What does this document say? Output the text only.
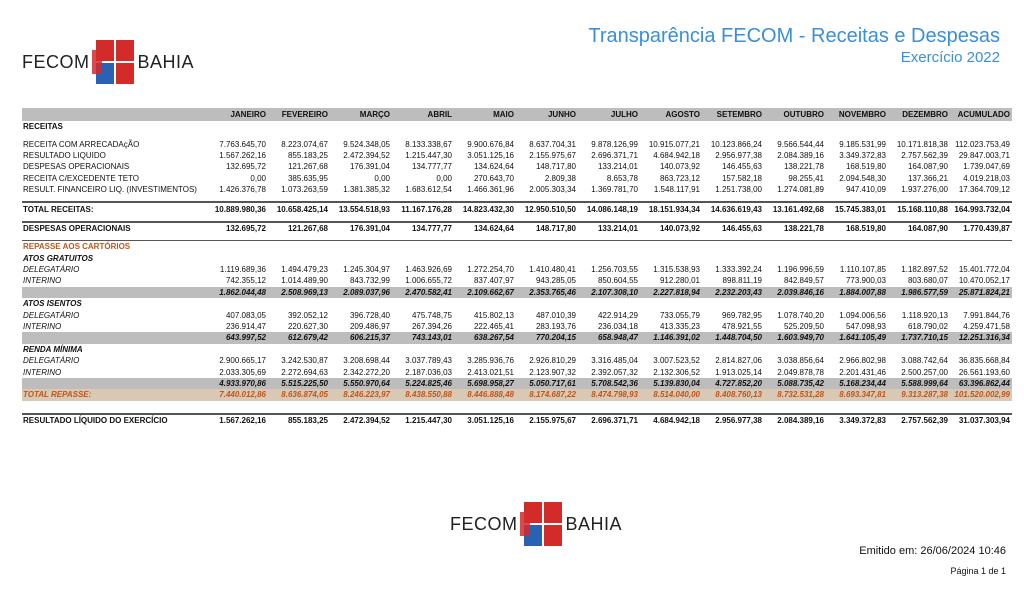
FECOM	BAHIA
Transparência FECOM - Receitas e Despesas
Exercício 2022
	JANEIRO	FEVEREIRO	MARÇO	ABRIL	MAIO	JUNHO	JULHO	AGOSTO	SETEMBRO	OUTUBRO	NOVEMBRO	DEZEMBRO	ACUMULADO
RECEITAS													

RECEITA COM ARRECADAçÃO	7.763.645,70	8.223.074,67	9.524.348,05	8.133.338,67	9.900.676,84	8.637.704,31	9.878.126,99	10.915.077,21	10.123.866,24	9.566.544,44	9.185.531,99	10.171.818,38	112.023.753,49
RESULTADO LIQUIDO	1.567.262,16	855.183,25	2.472.394,52	1.215.447,30	3.051.125,16	2.155.975,67	2.696.371,71	4.684.942,18	2.956.977,38	2.084.389,16	3.349.372,83	2.757.562,39	29.847.003,71
DESPESAS OPERACIONAIS	132.695,72	121.267,68	176.391,04	134.777,77	134.624,64	148.717,80	133.214,01	140.073,92	146.455,63	138.221,78	168.519,80	164.087,90	1.739.047,69
RECEITA C/EXCEDENTE TETO	0,00	385.635,95	0,00	0,00	270.643,70	2.809,38	8.653,78	863.723,12	157.582,18	98.255,41	2.094.548,30	137.366,21	4.019.218,03
RESULT. FINANCEIRO LIQ. (INVESTIMENTOS)	1.426.376,78	1.073.263,59	1.381.385,32	1.683.612,54	1.466.361,96	2.005.303,34	1.369.781,70	1.548.117,91	1.251.738,00	1.274.081,89	947.410,09	1.937.276,00	17.364.709,12

TOTAL RECEITAS:	10.889.980,36	10.658.425,14	13.554.518,93	11.167.176,28	14.823.432,30	12.950.510,50	14.086.148,19	18.151.934,34	14.636.619,43	13.161.492,68	15.745.383,01	15.168.110,88	164.993.732,04

DESPESAS OPERACIONAIS	132.695,72	121.267,68	176.391,04	134.777,77	134.624,64	148.717,80	133.214,01	140.073,92	146.455,63	138.221,78	168.519,80	164.087,90	1.770.439,87

REPASSE AOS CARTÓRIOS													
ATOS GRATUITOS													
DELEGATÁRIO	1.119.689,36	1.494.479,23	1.245.304,97	1.463.926,69	1.272.254,70	1.410.480,41	1.256.703,55	1.315.538,93	1.333.392,24	1.196.996,59	1.110.107,85	1.182.897,52	15.401.772,04
INTERINO	742.355,12	1.014.489,90	843.732,99	1.006.655,72	837.407,97	943.285,05	850.604,55	912.280,01	898.811,19	842.849,57	773.900,03	803.680,07	10.470.052,17
	1.862.044,48	2.508.969,13	2.089.037,96	2.470.582,41	2.109.662,67	2.353.765,46	2.107.308,10	2.227.818,94	2.232.203,43	2.039.846,16	1.884.007,88	1.986.577,59	25.871.824,21
ATOS ISENTOS													
DELEGATÁRIO	407.083,05	392.052,12	396.728,40	475.748,75	415.802,13	487.010,39	422.914,29	733.055,79	969.782,95	1.078.740,20	1.094.006,56	1.118.920,13	7.991.844,76
INTERINO	236.914,47	220.627,30	209.486,97	267.394,26	222.465,41	283.193,76	236.034,18	413.335,23	478.921,55	525.209,50	547.098,93	618.790,02	4.259.471,58
	643.997,52	612.679,42	606.215,37	743.143,01	638.267,54	770.204,15	658.948,47	1.146.391,02	1.448.704,50	1.603.949,70	1.641.105,49	1.737.710,15	12.251.316,34
RENDA MÍNIMA													
DELEGATÁRIO	2.900.665,17	3.242.530,87	3.208.698,44	3.037.789,43	3.285.936,76	2.926.810,29	3.316.485,04	3.007.523,52	2.814.827,06	3.038.856,64	2.966.802,98	3.088.742,64	36.835.668,84
INTERINO	2.033.305,69	2.272.694,63	2.342.272,20	2.187.036,03	2.413.021,51	2.123.907,32	2.392.057,32	2.132.306,52	1.913.025,14	2.049.878,78	2.201.431,46	2.500.257,00	26.561.193,60
	4.933.970,86	5.515.225,50	5.550.970,64	5.224.825,46	5.698.958,27	5.050.717,61	5.708.542,36	5.139.830,04	4.727.852,20	5.088.735,42	5.168.234,44	5.588.999,64	63.396.862,44
TOTAL REPASSE:	7.440.012,86	8.636.874,05	8.246.223,97	8.438.550,88	8.446.888,48	8.174.687,22	8.474.798,93	8.514.040,00	8.408.760,13	8.732.531,28	8.693.347,81	9.313.287,38	101.520.002,99

RESULTADO LÍQUIDO DO EXERCÍCIO	1.567.262,16	855.183,25	2.472.394,52	1.215.447,30	3.051.125,16	2.155.975,67	2.696.371,71	4.684.942,18	2.956.977,38	2.084.389,16	3.349.372,83	2.757.562,39	31.037.303,94
FECOM	BAHIA
Emitido em: 26/06/2024 10:46
Página 1 de 1
